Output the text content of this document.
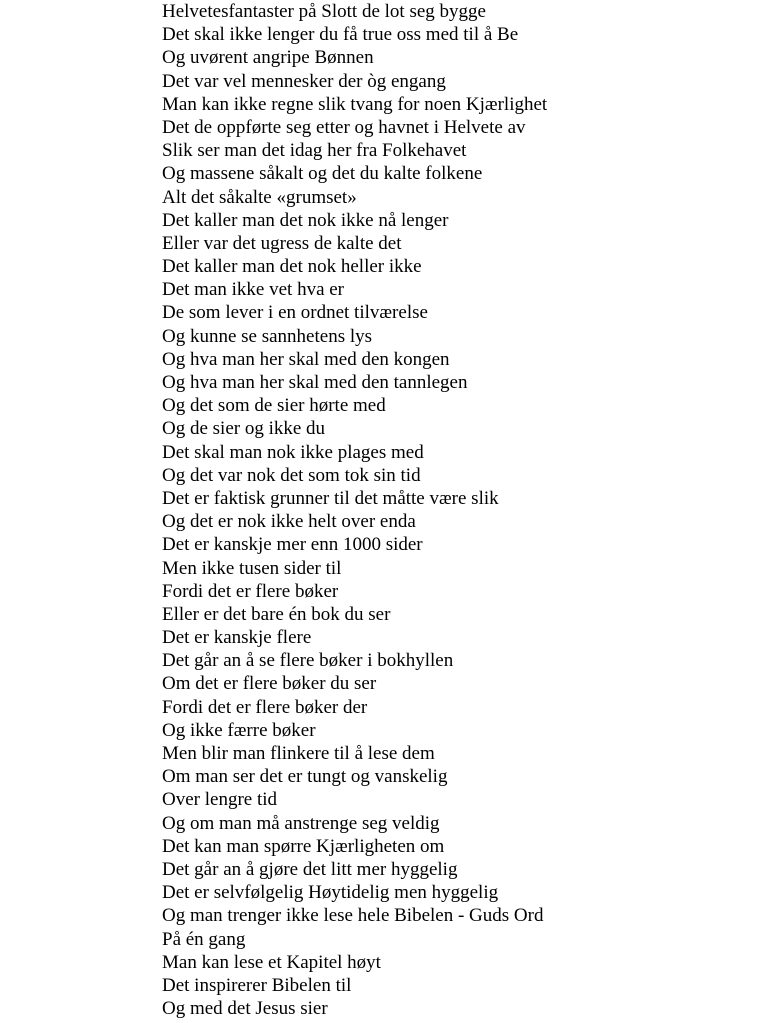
Helvetesfantaster på Slott de lot seg bygge
Det skal ikke lenger du få true oss med til å Be
Og uvørent angripe Bønnen
Det var vel mennesker der òg engang
Man kan ikke regne slik tvang for noen Kjærlighet
Det de oppførte seg etter og havnet i Helvete av
Slik ser man det idag her fra Folkehavet
Og massene såkalt og det du kalte folkene
Alt det såkalte «grumset»
Det kaller man det nok ikke nå lenger
Eller var det ugress de kalte det
Det kaller man det nok heller ikke
Det man ikke vet hva er
De som lever i en ordnet tilværelse
Og kunne se sannhetens lys
Og hva man her skal med den kongen
Og hva man her skal med den tannlegen
Og det som de sier hørte med
Og de sier og ikke du
Det skal man nok ikke plages med
Og det var nok det som tok sin tid
Det er faktisk grunner til det måtte være slik
Og det er nok ikke helt over enda
Det er kanskje mer enn 1000 sider
Men ikke tusen sider til
Fordi det er flere bøker
Eller er det bare én bok du ser
Det er kanskje flere
Det går an å se flere bøker i bokhyllen
Om det er flere bøker du ser
Fordi det er flere bøker der
Og ikke færre bøker
Men blir man flinkere til å lese dem
Om man ser det er tungt og vanskelig
Over lengre tid
Og om man må anstrenge seg veldig
Det kan man spørre Kjærligheten om
Det går an å gjøre det litt mer hyggelig
Det er selvfølgelig Høytidelig men hyggelig
Og man trenger ikke lese hele Bibelen - Guds Ord
På én gang
Man kan lese et Kapitel høyt
Det inspirerer Bibelen til
Og med det Jesus sier
